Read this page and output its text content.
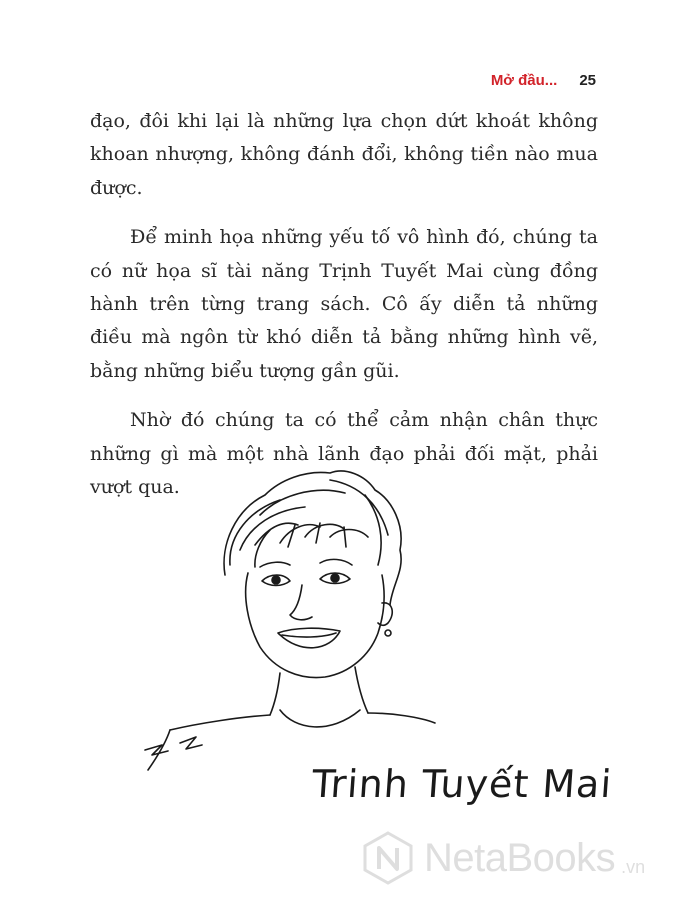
Mở đầu... 25

đạo, đôi khi lại là những lựa chọn dứt khoát không khoan nhượng, không đánh đổi, không tiền nào mua được.

Để minh họa những yếu tố vô hình đó, chúng ta có nữ họa sĩ tài năng Trịnh Tuyết Mai cùng đồng hành trên từng trang sách. Cô ấy diễn tả những điều mà ngôn từ khó diễn tả bằng những hình vẽ, bằng những biểu tượng gần gũi.

Nhờ đó chúng ta có thể cảm nhận chân thực những gì mà một nhà lãnh đạo phải đối mặt, phải vượt qua.

Trinh Tuyết Mai
NetaBooks .vn
